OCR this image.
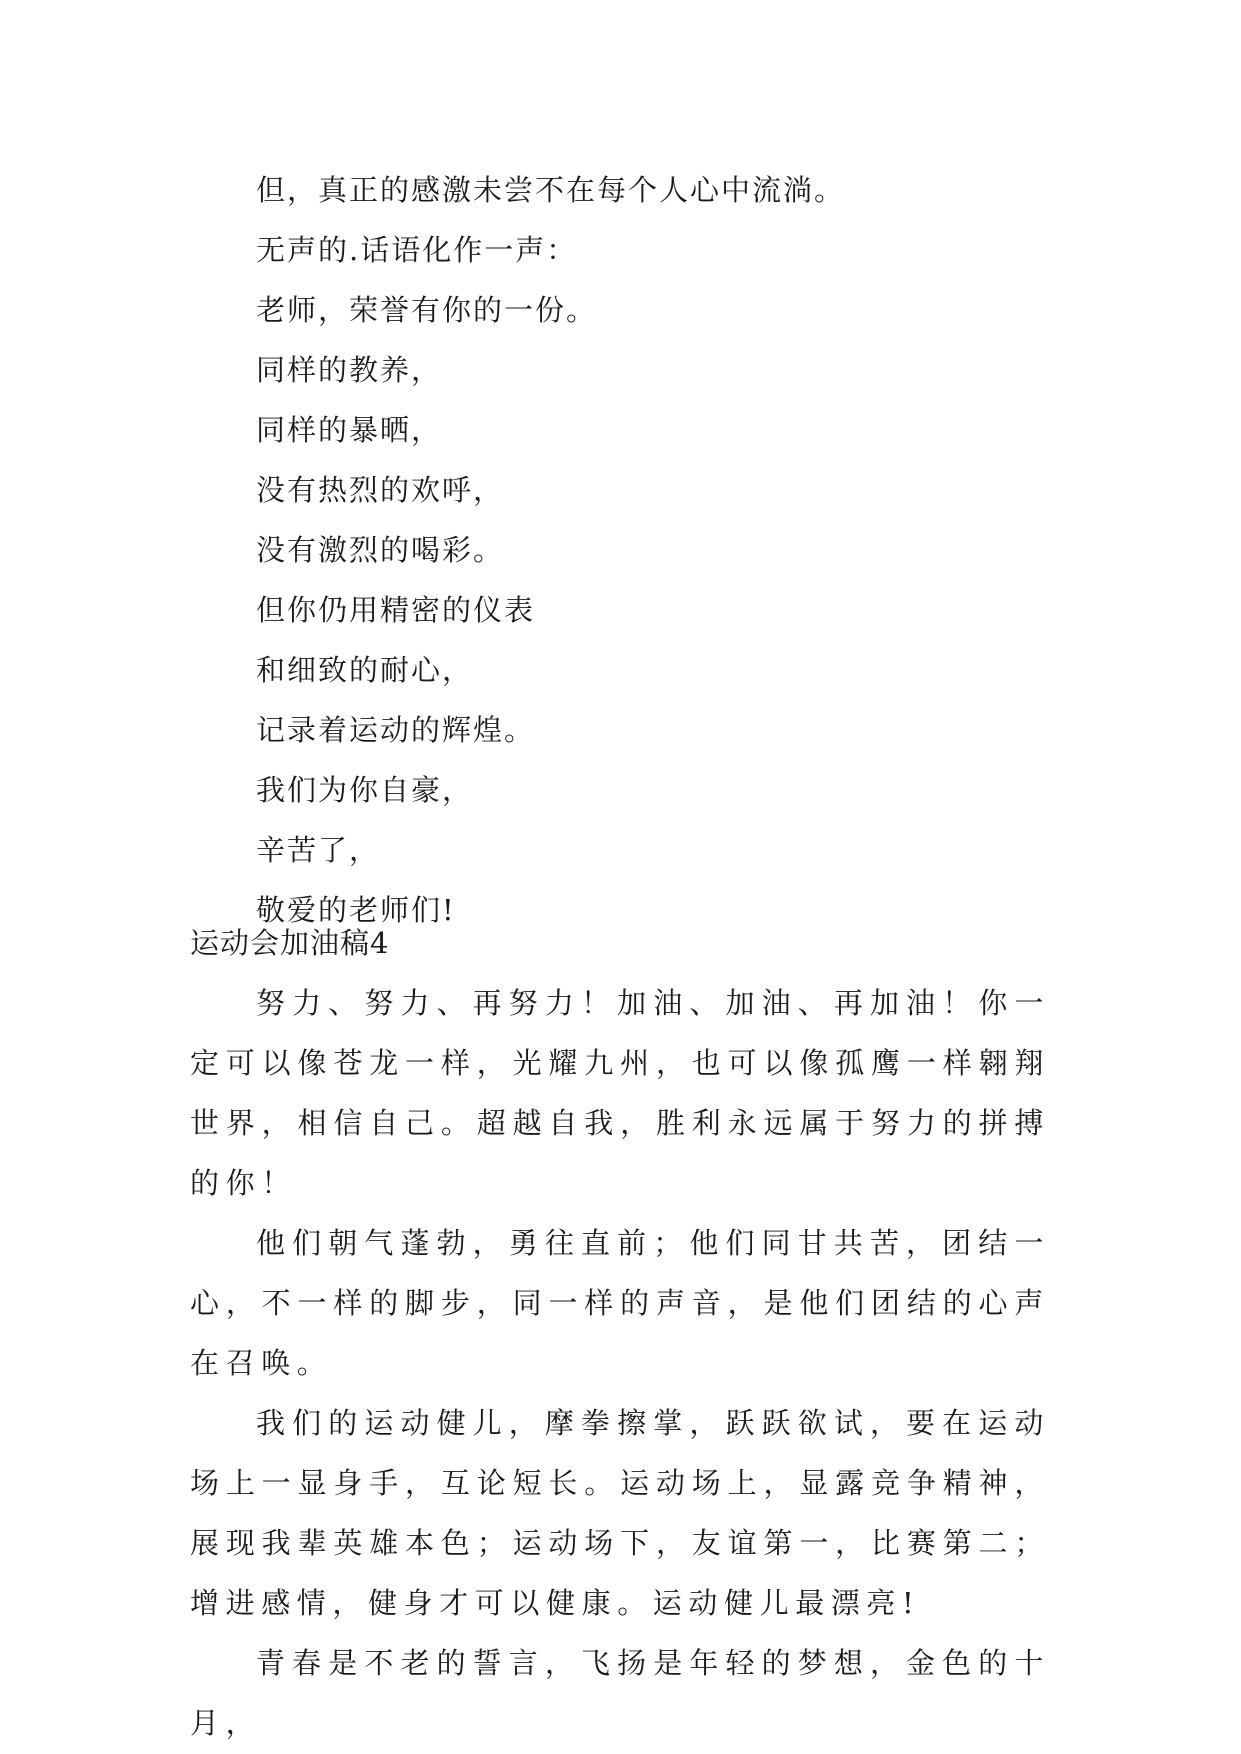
但，真正的感激未尝不在每个人心中流淌。
无声的.话语化作一声：
老师，荣誉有你的一份。
同样的教养，
同样的暴晒，
没有热烈的欢呼，
没有激烈的喝彩。
但你仍用精密的仪表
和细致的耐心，
记录着运动的辉煌。
我们为你自豪，
辛苦了，
敬爱的老师们!
运动会加油稿4

努力、努力、再努力！加油、加油、再加油！你一定可以像苍龙一样，光耀九州，也可以像孤鹰一样翱翔世界，相信自己。超越自我，胜利永远属于努力的拼搏的你！

他们朝气蓬勃，勇往直前；他们同甘共苦，团结一心，不一样的脚步，同一样的声音，是他们团结的心声在召唤。

我们的运动健儿，摩拳擦掌，跃跃欲试，要在运动场上一显身手，互论短长。运动场上，显露竞争精神，展现我辈英雄本色；运动场下，友谊第一，比赛第二；增进感情，健身才可以健康。运动健儿最漂亮!

青春是不老的誓言，飞扬是年轻的梦想，金色的十月，
